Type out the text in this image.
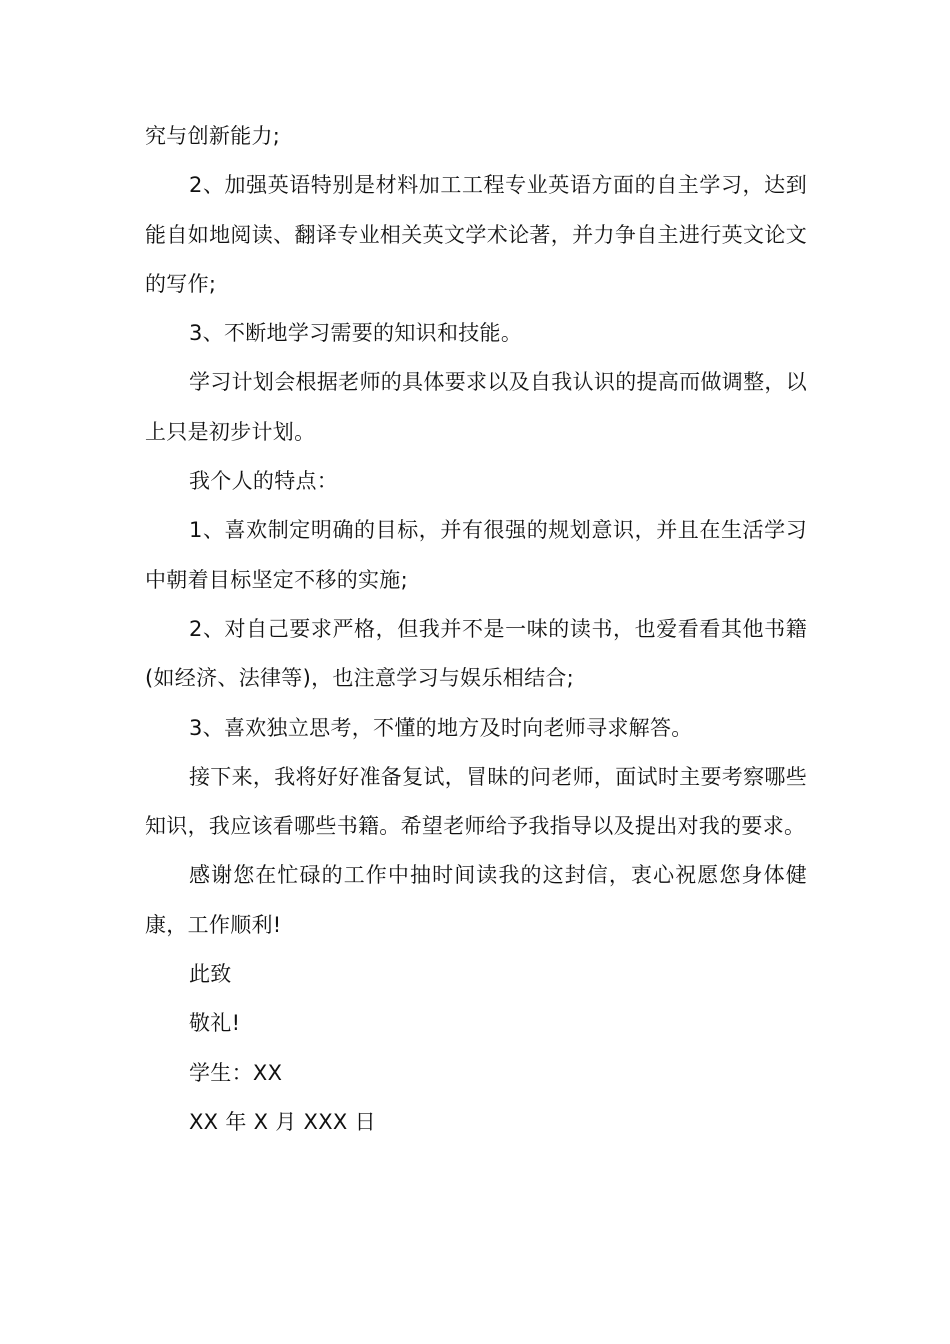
究与创新能力;

2、加强英语特别是材料加工工程专业英语方面的自主学习，达到能自如地阅读、翻译专业相关英文学术论著，并力争自主进行英文论文的写作;

3、不断地学习需要的知识和技能。

学习计划会根据老师的具体要求以及自我认识的提高而做调整，以上只是初步计划。

我个人的特点：

1、喜欢制定明确的目标，并有很强的规划意识，并且在生活学习中朝着目标坚定不移的实施;

2、对自己要求严格，但我并不是一味的读书，也爱看看其他书籍(如经济、法律等)，也注意学习与娱乐相结合;

3、喜欢独立思考，不懂的地方及时向老师寻求解答。

接下来，我将好好准备复试，冒昧的问老师，面试时主要考察哪些知识，我应该看哪些书籍。希望老师给予我指导以及提出对我的要求。

感谢您在忙碌的工作中抽时间读我的这封信，衷心祝愿您身体健康，工作顺利!

此致

敬礼!

学生：XX

XX 年 X 月 XXX 日
